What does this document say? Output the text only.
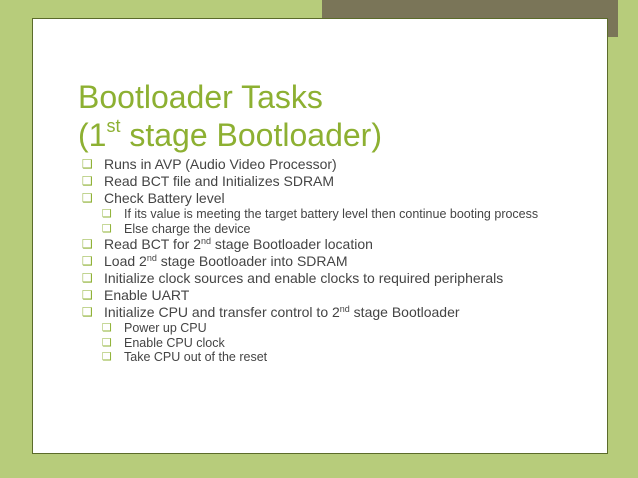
Bootloader Tasks
(1st stage Bootloader)
❑ Runs in AVP (Audio Video Processor)
❑ Read BCT file and Initializes SDRAM
❑ Check Battery level
❑ If its value is meeting the target battery level then continue booting process
❑ Else charge the device
❑ Read BCT for 2nd stage Bootloader location
❑ Load 2nd stage Bootloader into SDRAM
❑ Initialize clock sources and enable clocks to required peripherals
❑ Enable UART
❑ Initialize CPU and transfer control to 2nd stage Bootloader
❑ Power up CPU
❑ Enable CPU clock
❑ Take CPU out of the reset
